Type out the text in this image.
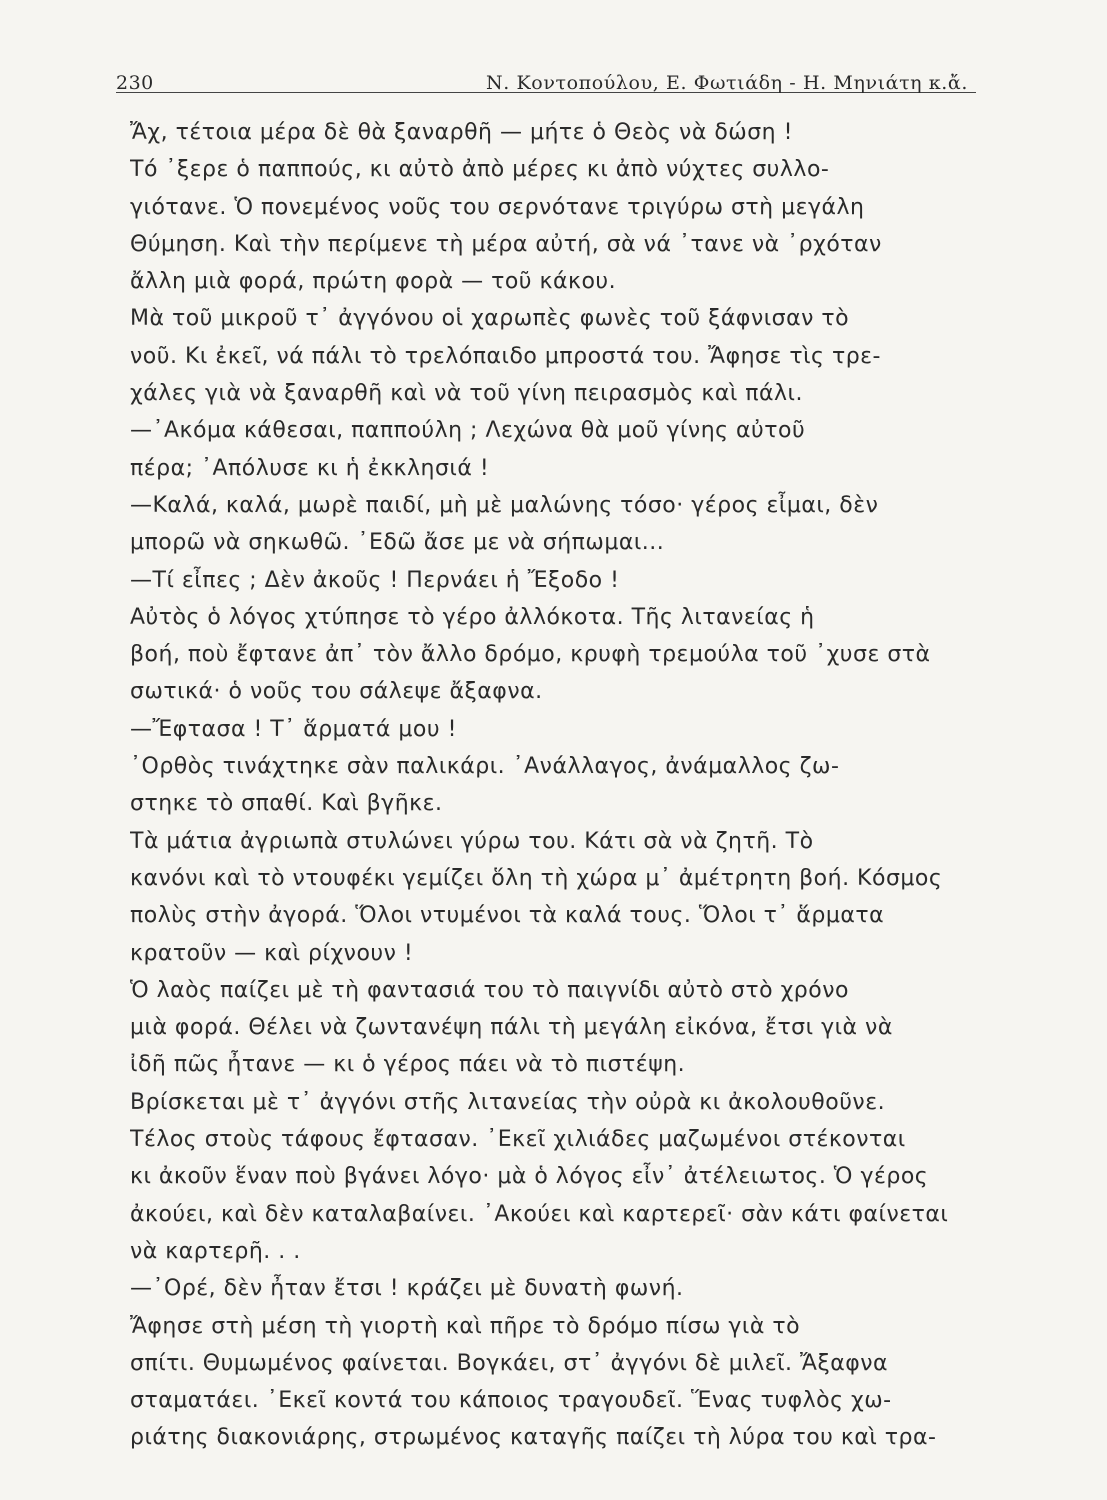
230	Ν. Κοντοπούλου, Ε. Φωτιάδη - Η. Μηνιάτη κ.ἄ.
Ἄχ, τέτοια μέρα δὲ θὰ ξαναρθῆ — μήτε ὁ Θεὸς νὰ δώση !
Τό ᾽ξερε ὁ παππούς, κι αὐτὸ ἀπὸ μέρες κι ἀπὸ νύχτες συλλο-
γιότανε. Ὁ πονεμένος νοῦς του σερνότανε τριγύρω στὴ μεγάλη
Θύμηση. Καὶ τὴν περίμενε τὴ μέρα αὐτή, σὰ νά ᾽τανε νὰ ᾽ρχόταν
ἄλλη μιὰ φορά, πρώτη φορὰ — τοῦ κάκου.
Μὰ τοῦ μικροῦ τ᾽ ἀγγόνου οἱ χαρωπὲς φωνὲς τοῦ ξάφνισαν τὸ
νοῦ. Κι ἐκεῖ, νά πάλι τὸ τρελόπαιδο μπροστά του. Ἄφησε τὶς τρε-
χάλες γιὰ νὰ ξαναρθῆ καὶ νὰ τοῦ γίνη πειρασμὸς καὶ πάλι.
—᾽Ακόμα κάθεσαι, παππούλη ; Λεχώνα θὰ μοῦ γίνης αὐτοῦ
πέρα; ᾽Απόλυσε κι ἡ ἐκκλησιά !
—Καλά, καλά, μωρὲ παιδί, μὴ μὲ μαλώνης τόσο· γέρος εἶμαι, δὲν
μπορῶ νὰ σηκωθῶ. ᾽Εδῶ ἄσε με νὰ σήπωμαι...
—Τί εἶπες ; Δὲν ἀκοῦς ! Περνάει ἡ Ἔξοδο !
Αὐτὸς ὁ λόγος χτύπησε τὸ γέρο ἀλλόκοτα. Τῆς λιτανείας ἡ
βοή, ποὺ ἔφτανε ἀπ᾽ τὸν ἄλλο δρόμο, κρυφὴ τρεμούλα τοῦ ᾽χυσε στὰ
σωτικά· ὁ νοῦς του σάλεψε ἄξαφνα.
—Ἔφτασα ! Τ᾽ ἅρματά μου !
᾽Ορθὸς τινάχτηκε σὰν παλικάρι. ᾽Ανάλλαγος, ἀνάμαλλος ζω-
στηκε τὸ σπαθί. Καὶ βγῆκε.
Τὰ μάτια ἀγριωπὰ στυλώνει γύρω του. Κάτι σὰ νὰ ζητῆ. Τὸ
κανόνι καὶ τὸ ντουφέκι γεμίζει ὅλη τὴ χώρα μ᾽ ἀμέτρητη βοή. Κόσμος
πολὺς στὴν ἀγορά. Ὅλοι ντυμένοι τὰ καλά τους. Ὅλοι τ᾽ ἅρματα
κρατοῦν — καὶ ρίχνουν !
Ὁ λαὸς παίζει μὲ τὴ φαντασιά του τὸ παιγνίδι αὐτὸ στὸ χρόνο
μιὰ φορά. Θέλει νὰ ζωντανέψη πάλι τὴ μεγάλη εἰκόνα, ἔτσι γιὰ νὰ
ἰδῆ πῶς ἦτανε — κι ὁ γέρος πάει νὰ τὸ πιστέψη.
Βρίσκεται μὲ τ᾽ ἀγγόνι στῆς λιτανείας τὴν οὐρὰ κι ἀκολουθοῦνε.
Τέλος στοὺς τάφους ἔφτασαν. ᾽Εκεῖ χιλιάδες μαζωμένοι στέκονται
κι ἀκοῦν ἕναν ποὺ βγάνει λόγο· μὰ ὁ λόγος εἶν᾽ ἀτέλειωτος. Ὁ γέρος
ἀκούει, καὶ δὲν καταλαβαίνει. ᾽Ακούει καὶ καρτερεῖ· σὰν κάτι φαίνεται
νὰ καρτερῆ. . .
—᾽Ορέ, δὲν ἦταν ἔτσι ! κράζει μὲ δυνατὴ φωνή.
Ἄφησε στὴ μέση τὴ γιορτὴ καὶ πῆρε τὸ δρόμο πίσω γιὰ τὸ
σπίτι. Θυμωμένος φαίνεται. Βογκάει, στ᾽ ἀγγόνι δὲ μιλεῖ. Ἄξαφνα
σταματάει. ᾽Εκεῖ κοντά του κάποιος τραγουδεῖ. Ἕνας τυφλὸς χω-
ριάτης διακονιάρης, στρωμένος καταγῆς παίζει τὴ λύρα του καὶ τρα-
